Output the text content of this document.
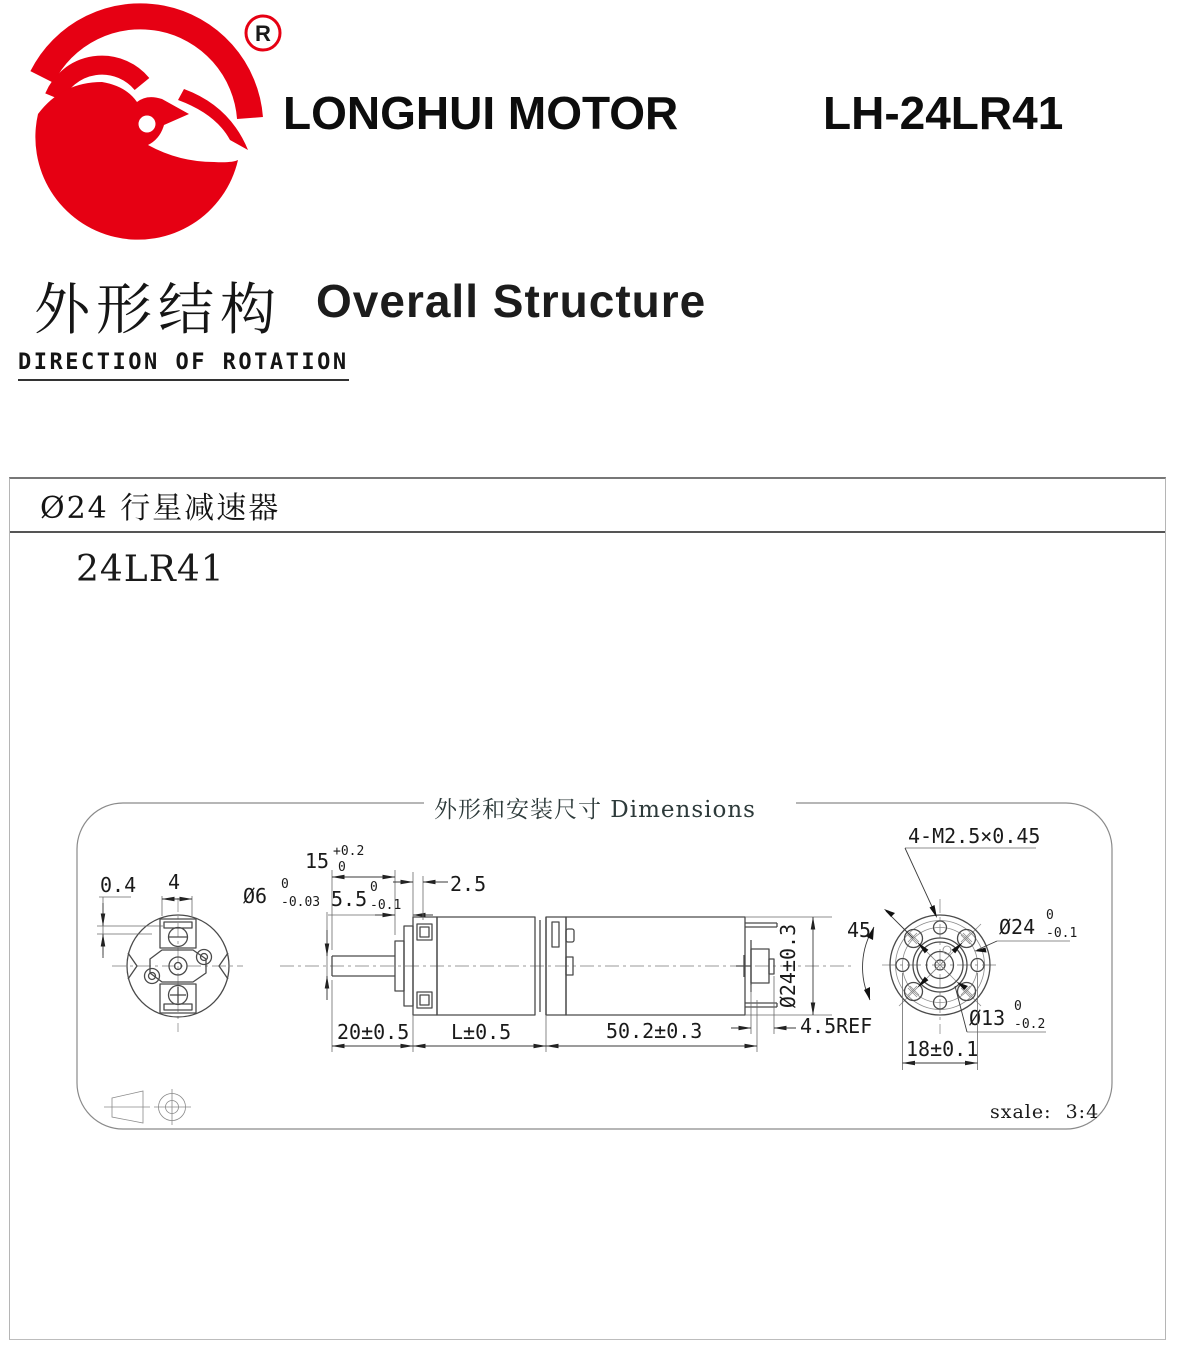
R
LONGHUI MOTOR	LH-24LR41
外形结构 Overall Structure
DIRECTION OF ROTATION
Ø24 行星减速器
24LR41
外形和安装尺寸 Dimensions
0.4 4
Ø6 0
-0.03
15 +0.2
0
5.5 0
-0.1
2.5
20±0.5 L±0.5	50.2±0.3
Ø24±0.3
4.5REF
4-M2.5×0.45
45	Ø24 0
-0.1
Ø13 0
-0.2
18±0.1
sxale:  3:4
